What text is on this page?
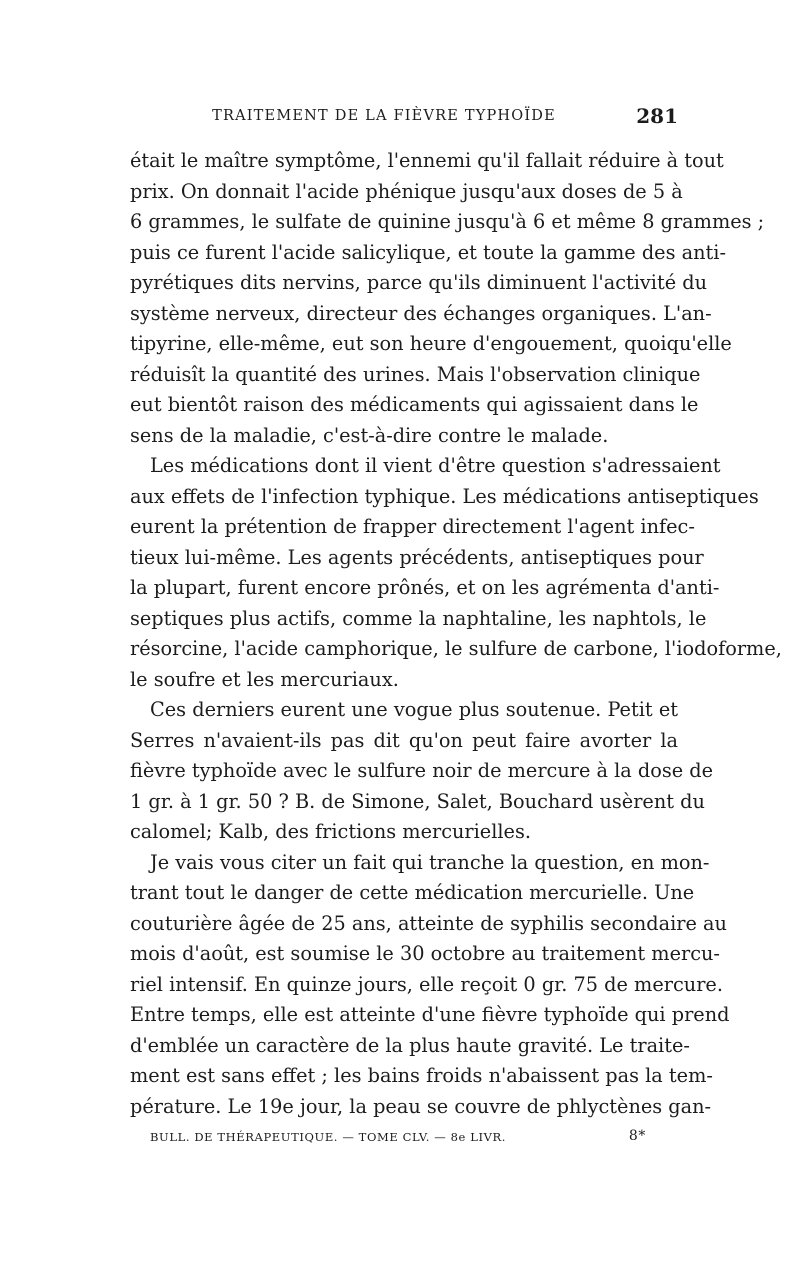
TRAITEMENT DE LA FIÈVRE TYPHOÏDE	281
était le maître symptôme, l'ennemi qu'il fallait réduire à tout
prix. On donnait l'acide phénique jusqu'aux doses de 5 à
6 grammes, le sulfate de quinine jusqu'à 6 et même 8 grammes ;
puis ce furent l'acide salicylique, et toute la gamme des anti-
pyrétiques dits nervins, parce qu'ils diminuent l'activité du
système nerveux, directeur des échanges organiques. L'an-
tipyrine, elle-même, eut son heure d'engouement, quoiqu'elle
réduisît la quantité des urines. Mais l'observation clinique
eut bientôt raison des médicaments qui agissaient dans le
sens de la maladie, c'est-à-dire contre le malade.
Les médications dont il vient d'être question s'adressaient
aux effets de l'infection typhique. Les médications antiseptiques
eurent la prétention de frapper directement l'agent infec-
tieux lui-même. Les agents précédents, antiseptiques pour
la plupart, furent encore prônés, et on les agrémenta d'anti-
septiques plus actifs, comme la naphtaline, les naphtols, le
résorcine, l'acide camphorique, le sulfure de carbone, l'iodoforme,
le soufre et les mercuriaux.
Ces derniers eurent une vogue plus soutenue. Petit et
Serres n'avaient-ils pas dit qu'on peut faire avorter la
fièvre typhoïde avec le sulfure noir de mercure à la dose de
1 gr. à 1 gr. 50 ? B. de Simone, Salet, Bouchard usèrent du
calomel; Kalb, des frictions mercurielles.
Je vais vous citer un fait qui tranche la question, en mon-
trant tout le danger de cette médication mercurielle. Une
couturière âgée de 25 ans, atteinte de syphilis secondaire au
mois d'août, est soumise le 30 octobre au traitement mercu-
riel intensif. En quinze jours, elle reçoit 0 gr. 75 de mercure.
Entre temps, elle est atteinte d'une fièvre typhoïde qui prend
d'emblée un caractère de la plus haute gravité. Le traite-
ment est sans effet ; les bains froids n'abaissent pas la tem-
pérature. Le 19e jour, la peau se couvre de phlyctènes gan-
BULL. DE THÉRAPEUTIQUE. — TOME CLV. — 8e LIVR.	8*
